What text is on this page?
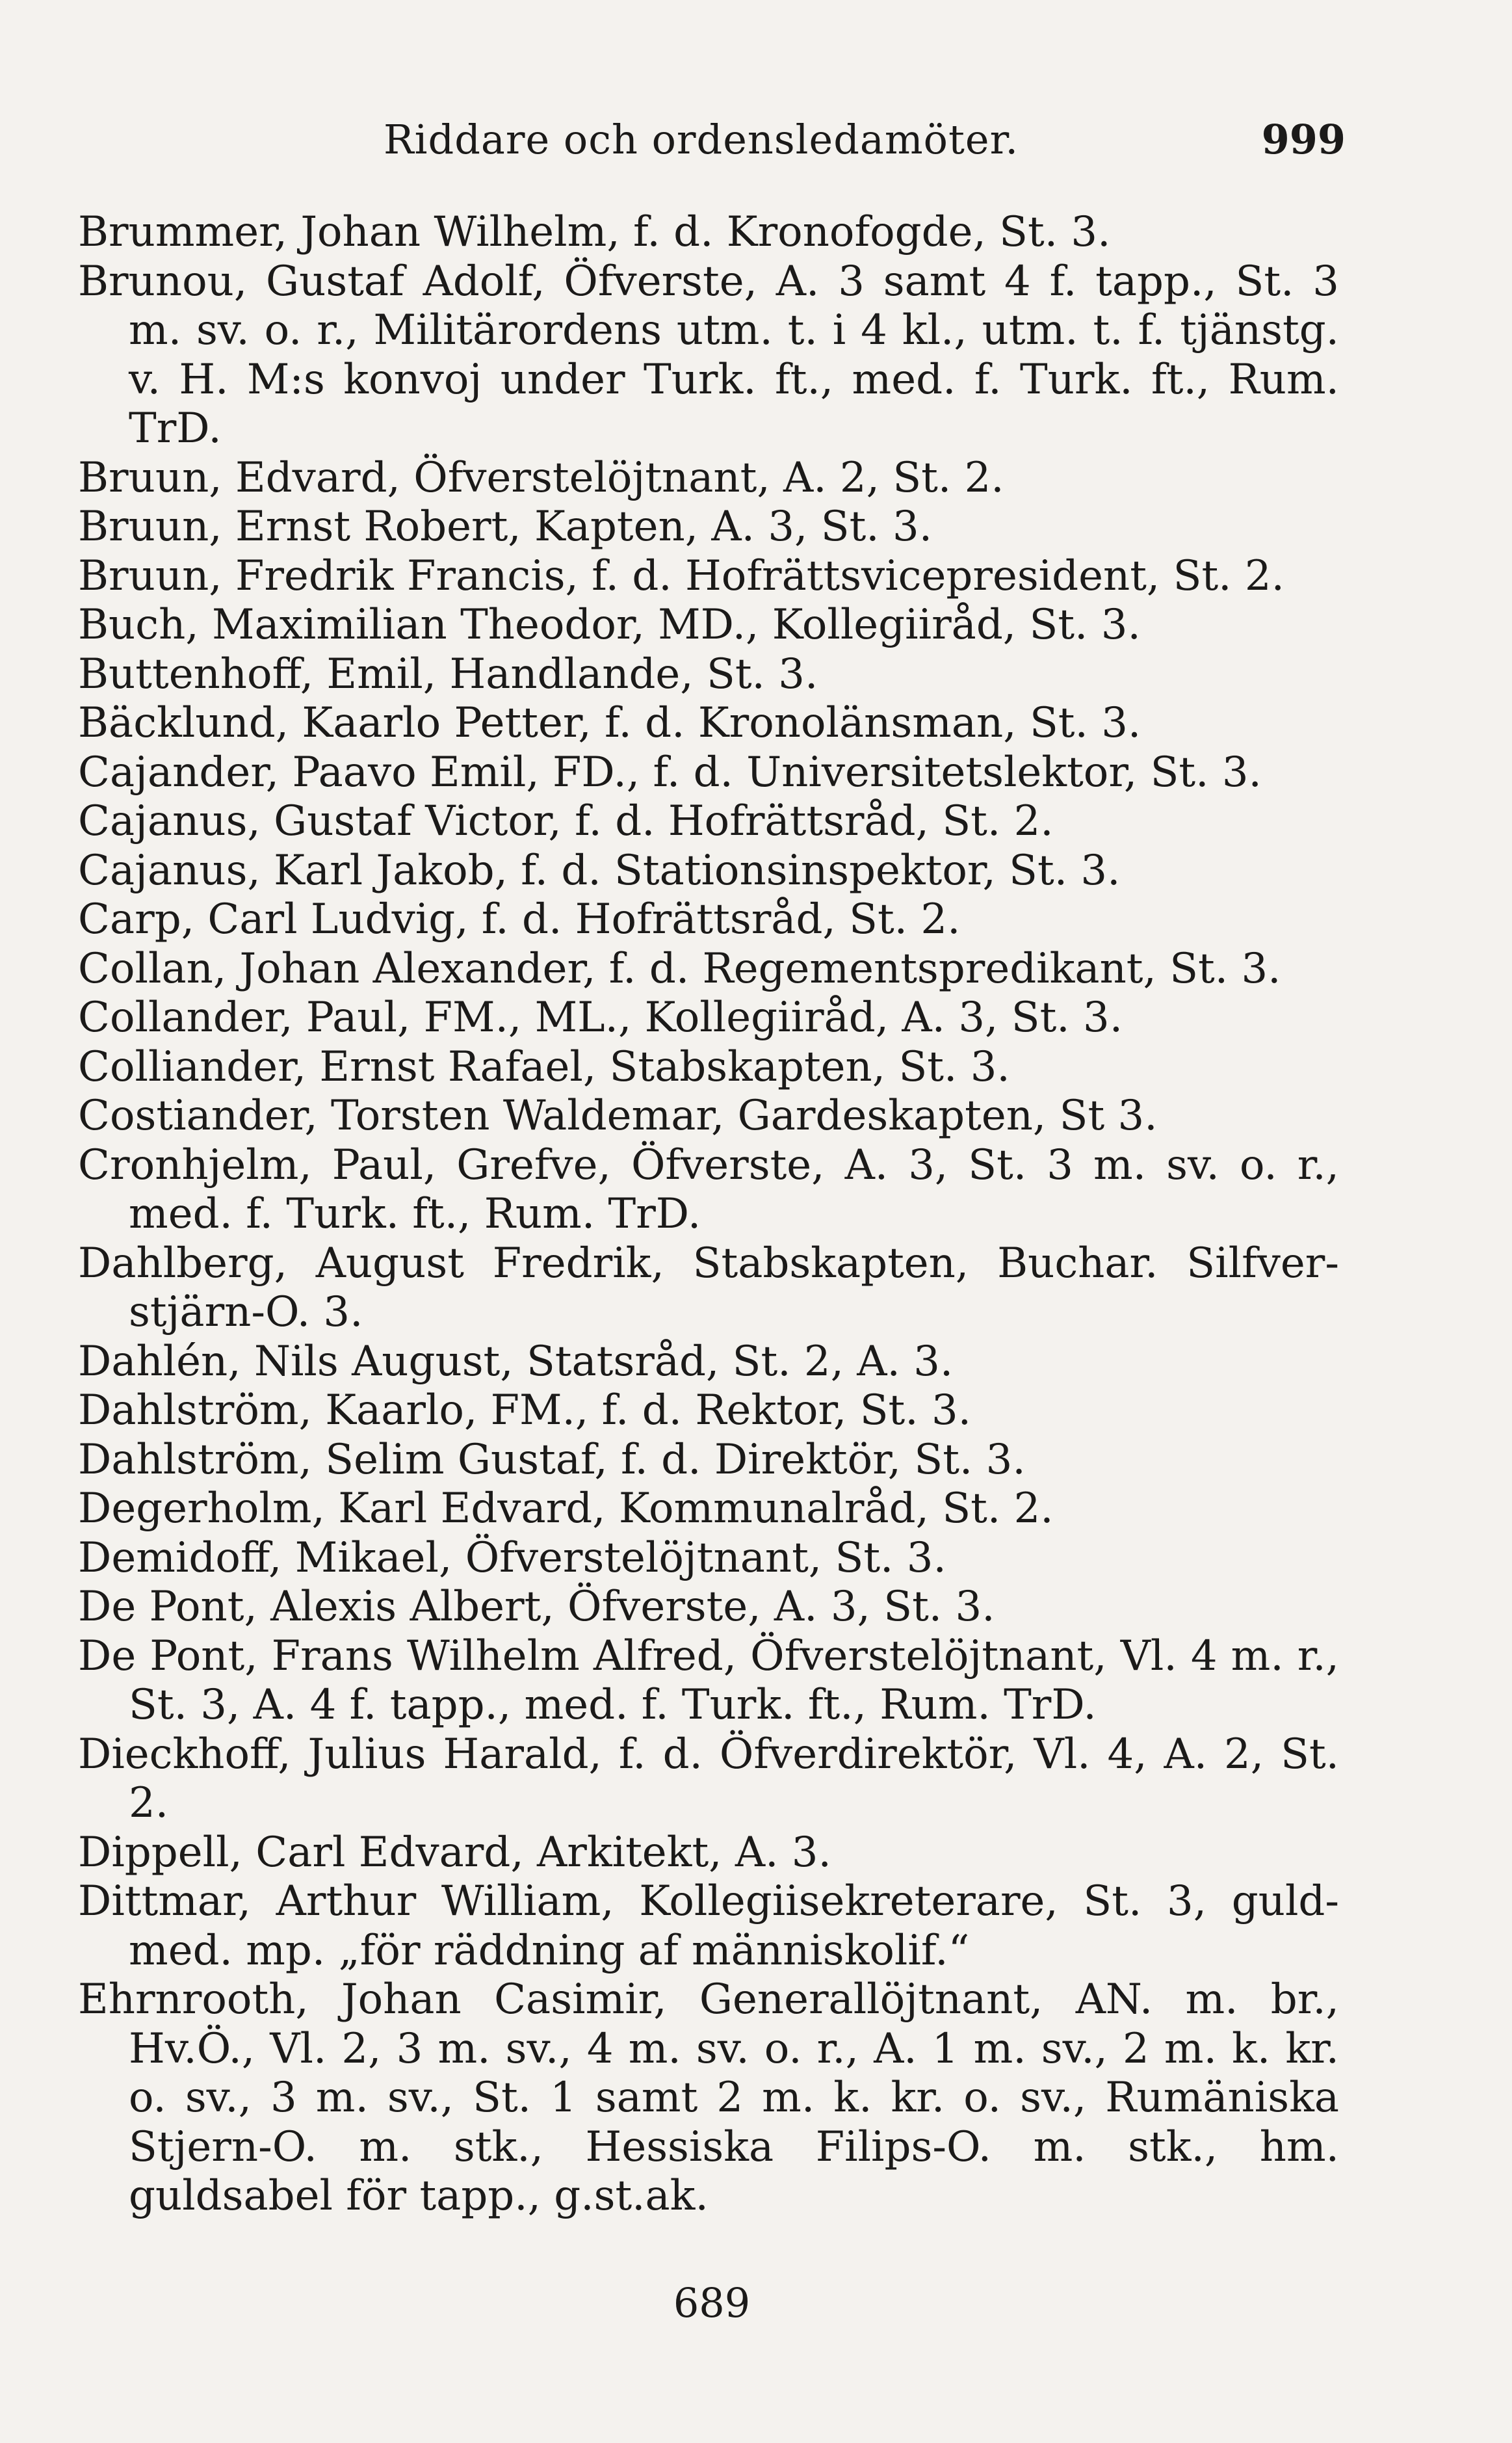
Riddare och ordensledamöter.	999

Brummer, Johan Wilhelm, f. d. Kronofogde, St. 3.

Brunou, Gustaf Adolf, Öfverste, A. 3 samt 4 f. tapp., St. 3 m. sv. o. r., Militärordens utm. t. i 4 kl., utm. t. f. tjänstg. v. H. M:s konvoj under Turk. ft., med. f. Turk. ft., Rum. TrD.

Bruun, Edvard, Öfverstelöjtnant, A. 2, St. 2.

Bruun, Ernst Robert, Kapten, A. 3, St. 3.

Bruun, Fredrik Francis, f. d. Hofrättsvicepresident, St. 2.

Buch, Maximilian Theodor, MD., Kollegiiråd, St. 3.

Buttenhoff, Emil, Handlande, St. 3.

Bäcklund, Kaarlo Petter, f. d. Kronolänsman, St. 3.

Cajander, Paavo Emil, FD., f. d. Universitetslektor, St. 3.

Cajanus, Gustaf Victor, f. d. Hofrättsråd, St. 2.

Cajanus, Karl Jakob, f. d. Stationsinspektor, St. 3.

Carp, Carl Ludvig, f. d. Hofrättsråd, St. 2.

Collan, Johan Alexander, f. d. Regementspredikant, St. 3.

Collander, Paul, FM., ML., Kollegiiråd, A. 3, St. 3.

Colliander, Ernst Rafael, Stabskapten, St. 3.

Costiander, Torsten Waldemar, Gardeskapten, St 3.

Cronhjelm, Paul, Grefve, Öfverste, A. 3, St. 3 m. sv. o. r., med. f. Turk. ft., Rum. TrD.

Dahlberg, August Fredrik, Stabskapten, Buchar. Silfver-stjärn-O. 3.

Dahlén, Nils August, Statsråd, St. 2, A. 3.

Dahlström, Kaarlo, FM., f. d. Rektor, St. 3.

Dahlström, Selim Gustaf, f. d. Direktör, St. 3.

Degerholm, Karl Edvard, Kommunalråd, St. 2.

Demidoff, Mikael, Öfverstelöjtnant, St. 3.

De Pont, Alexis Albert, Öfverste, A. 3, St. 3.

De Pont, Frans Wilhelm Alfred, Öfverstelöjtnant, Vl. 4 m. r., St. 3, A. 4 f. tapp., med. f. Turk. ft., Rum. TrD.

Dieckhoff, Julius Harald, f. d. Öfverdirektör, Vl. 4, A. 2, St. 2.

Dippell, Carl Edvard, Arkitekt, A. 3.

Dittmar, Arthur William, Kollegiisekreterare, St. 3, guld-med. mp. „för räddning af människolif.“

Ehrnrooth, Johan Casimir, Generallöjtnant, AN. m. br., Hv.Ö., Vl. 2, 3 m. sv., 4 m. sv. o. r., A. 1 m. sv., 2 m. k. kr. o. sv., 3 m. sv., St. 1 samt 2 m. k. kr. o. sv., Rumäniska Stjern-O. m. stk., Hessiska Filips-O. m. stk., hm. guldsabel för tapp., g.st.ak.

689
